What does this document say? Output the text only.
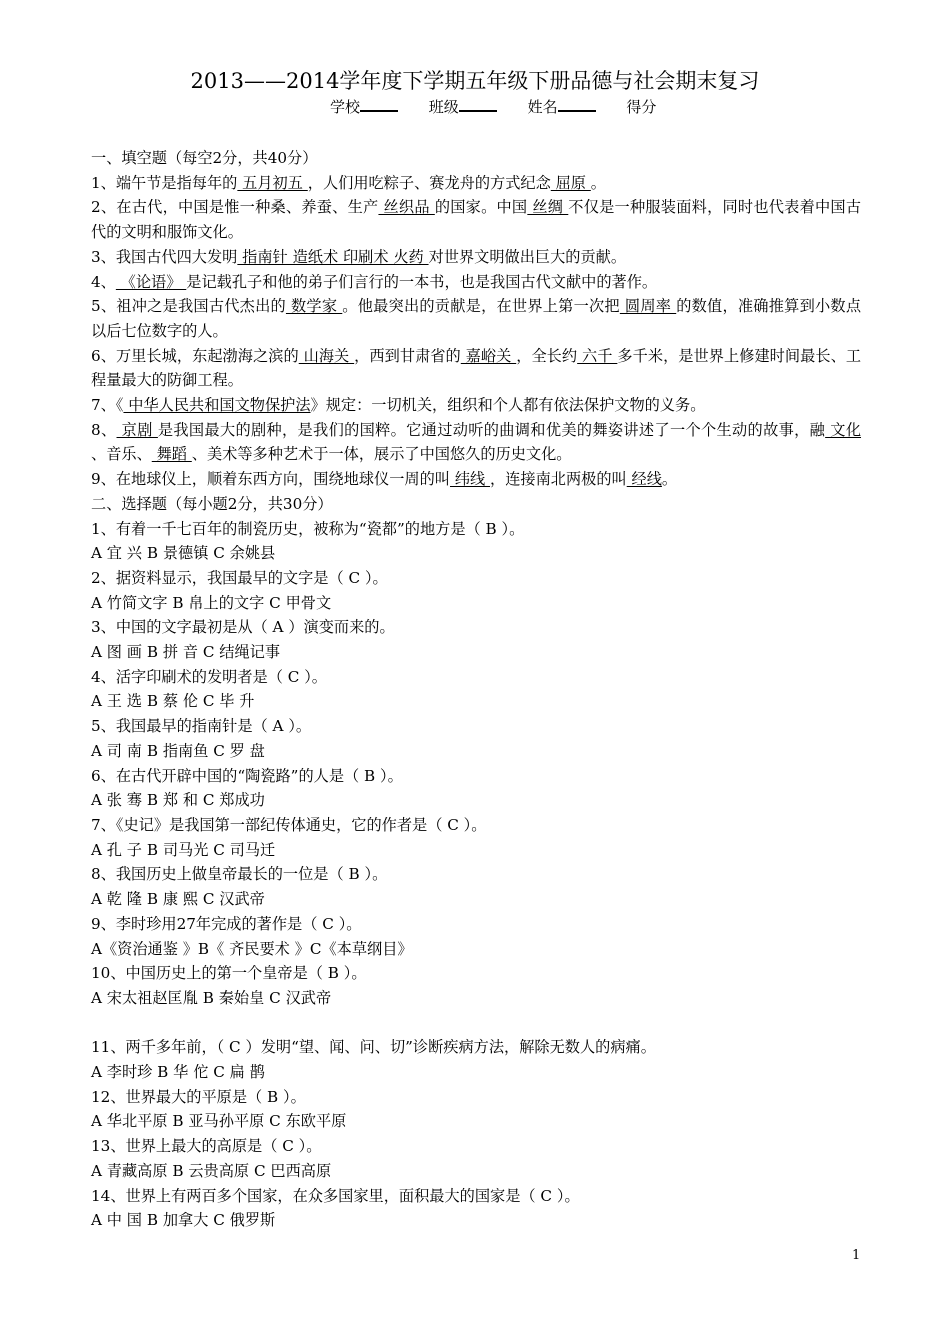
2013——2014学年度下学期五年级下册品德与社会期末复习
学校	班级	姓名	得分
一、填空题（每空2分，共40分）
1、端午节是指每年的 五月初五 ，人们用吃粽子、赛龙舟的方式纪念 屈原 。
2、在古代，中国是惟一种桑、养蚕、生产 丝织品 的国家。中国 丝绸 不仅是一种服装面料，同时也代表着中国古代的文明和服饰文化。
3、我国古代四大发明 指南针 造纸术 印刷术 火药 对世界文明做出巨大的贡献。
4、 《论语》 是记载孔子和他的弟子们言行的一本书，也是我国古代文献中的著作。
5、祖冲之是我国古代杰出的 数学家 。他最突出的贡献是，在世界上第一次把 圆周率 的数值，准确推算到小数点以后七位数字的人。
6、万里长城，东起渤海之滨的 山海关 ，西到甘肃省的 嘉峪关 ，全长约 六千 多千米，是世界上修建时间最长、工程量最大的防御工程。
7、《 中华人民共和国文物保护法》规定：一切机关，组织和个人都有依法保护文物的义务。
8、 京剧 是我国最大的剧种，是我们的国粹。它通过动听的曲调和优美的舞姿讲述了一个个生动的故事，融 文化 、音乐、 舞蹈 、美术等多种艺术于一体，展示了中国悠久的历史文化。
9、在地球仪上，顺着东西方向，围绕地球仪一周的叫 纬线 ，连接南北两极的叫 经线。
二、选择题（每小题2分，共30分）
1、有着一千七百年的制瓷历史，被称为“瓷都”的地方是（ B ）。
A 宜 兴 B 景德镇 C 余姚县
2、据资料显示，我国最早的文字是（ C ）。
A 竹简文字 B 帛上的文字 C 甲骨文
3、中国的文字最初是从（ A ）演变而来的。
A 图 画 B 拼 音 C 结绳记事
4、活字印刷术的发明者是（ C ）。
A 王 选 B 蔡 伦 C 毕 升
5、我国最早的指南针是（ A ）。
A 司 南 B 指南鱼 C 罗 盘
6、在古代开辟中国的“陶瓷路”的人是（ B ）。
A 张 骞 B 郑 和 C 郑成功
7、《史记》是我国第一部纪传体通史，它的作者是（ C ）。
A 孔 子 B 司马光 C 司马迁
8、我国历史上做皇帝最长的一位是（ B ）。
A 乾 隆 B 康 熙 C 汉武帝
9、李时珍用27年完成的著作是（ C ）。
A《资治通鉴 》B《 齐民要术 》C《本草纲目》
10、中国历史上的第一个皇帝是（ B ）。
A 宋太祖赵匡胤 B 秦始皇 C 汉武帝
11、两千多年前，（ C ）发明“望、闻、问、切”诊断疾病方法，解除无数人的病痛。
A 李时珍 B 华 佗 C 扁 鹊
12、世界最大的平原是（ B ）。
A 华北平原 B 亚马孙平原 C 东欧平原
13、世界上最大的高原是（ C ）。
A 青藏高原 B 云贵高原 C 巴西高原
14、世界上有两百多个国家，在众多国家里，面积最大的国家是（ C ）。
A 中 国 B 加拿大 C 俄罗斯
1
